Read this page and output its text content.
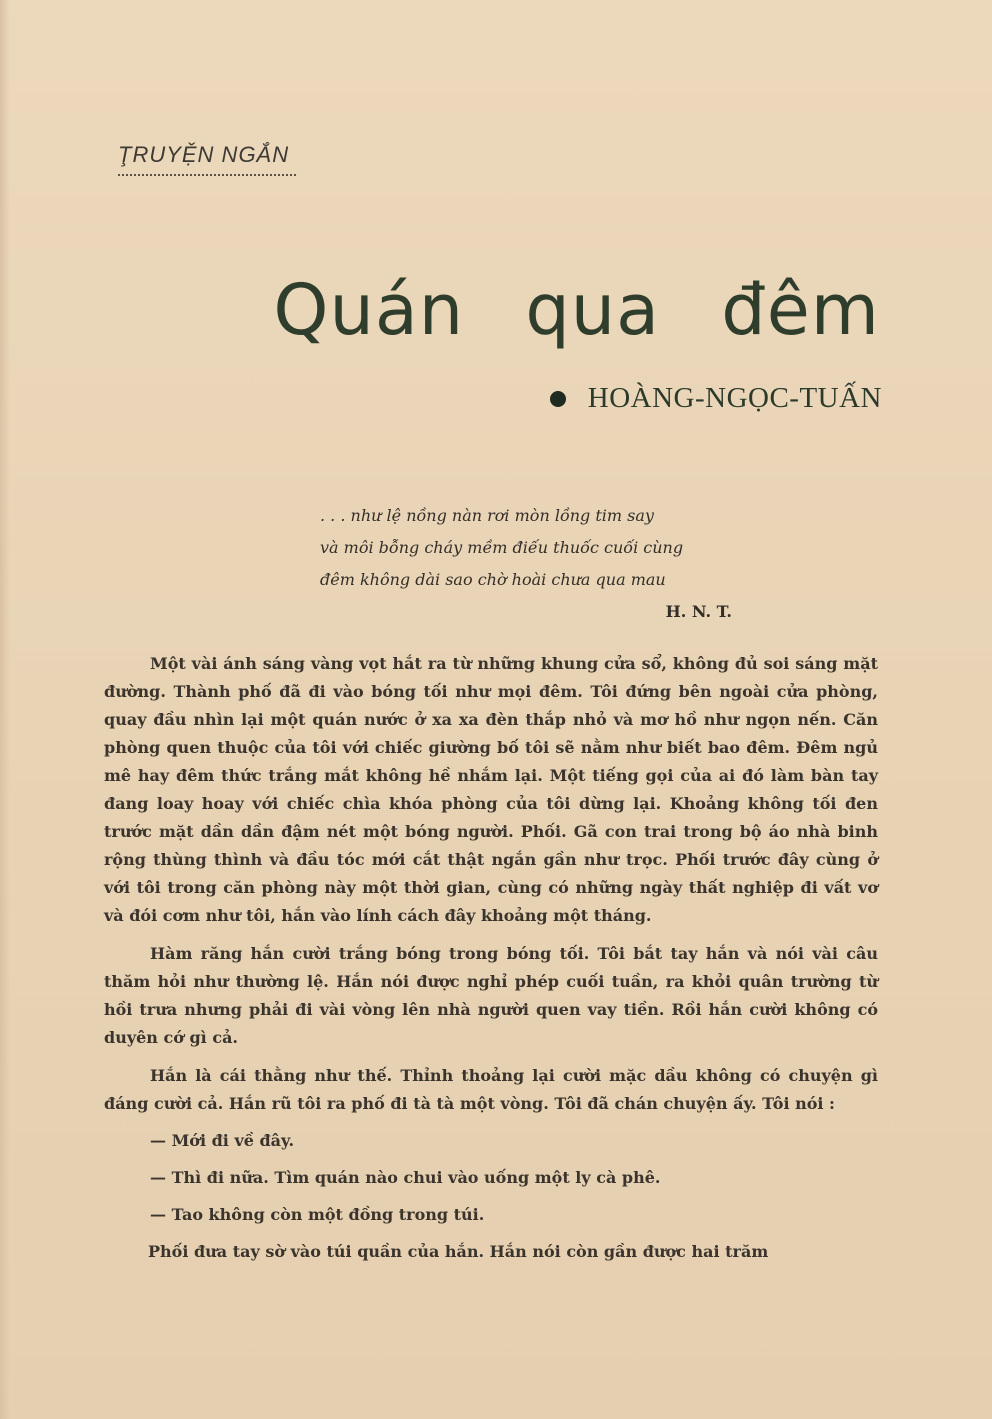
ŢRUYỆN NGẮN
Quán qua đêm
HOÀNG-NGỌC-TUẤN
. . . như lệ nồng nàn rơi mòn lồng tim say
và môi bỗng cháy mềm điếu thuốc cuối cùng
đêm không dài sao chờ hoài chưa qua mau
H. N. T.

Một vài ánh sáng vàng vọt hắt ra từ những khung cửa sổ, không đủ soi sáng mặt đường. Thành phố đã đi vào bóng tối như mọi đêm. Tôi đứng bên ngoài cửa phòng, quay đầu nhìn lại một quán nước ở xa xa đèn thắp nhỏ và mơ hồ như ngọn nến. Căn phòng quen thuộc của tôi với chiếc giường bố tôi sẽ nằm như biết bao đêm. Đêm ngủ mê hay đêm thức trắng mắt không hề nhắm lại. Một tiếng gọi của ai đó làm bàn tay đang loay hoay với chiếc chìa khóa phòng của tôi dừng lại. Khoảng không tối đen trước mặt dần dần đậm nét một bóng người. Phối. Gã con trai trong bộ áo nhà binh rộng thùng thình và đầu tóc mới cắt thật ngắn gần như trọc. Phối trước đây cùng ở với tôi trong căn phòng này một thời gian, cùng có những ngày thất nghiệp đi vất vơ và đói cơm như tôi, hắn vào lính cách đây khoảng một tháng.

Hàm răng hắn cười trắng bóng trong bóng tối. Tôi bắt tay hắn và nói vài câu thăm hỏi như thường lệ. Hắn nói được nghỉ phép cuối tuần, ra khỏi quân trường từ hồi trưa nhưng phải đi vài vòng lên nhà người quen vay tiền. Rồi hắn cười không có duyên cớ gì cả.

Hắn là cái thằng như thế. Thỉnh thoảng lại cười mặc dầu không có chuyện gì đáng cười cả. Hắn rũ tôi ra phố đi tà tà một vòng. Tôi đã chán chuyện ấy. Tôi nói :

— Mới đi về đây.

— Thì đi nữa. Tìm quán nào chui vào uống một ly cà phê.

— Tao không còn một đồng trong túi.

Phối đưa tay sờ vào túi quần của hắn. Hắn nói còn gần được hai trăm
